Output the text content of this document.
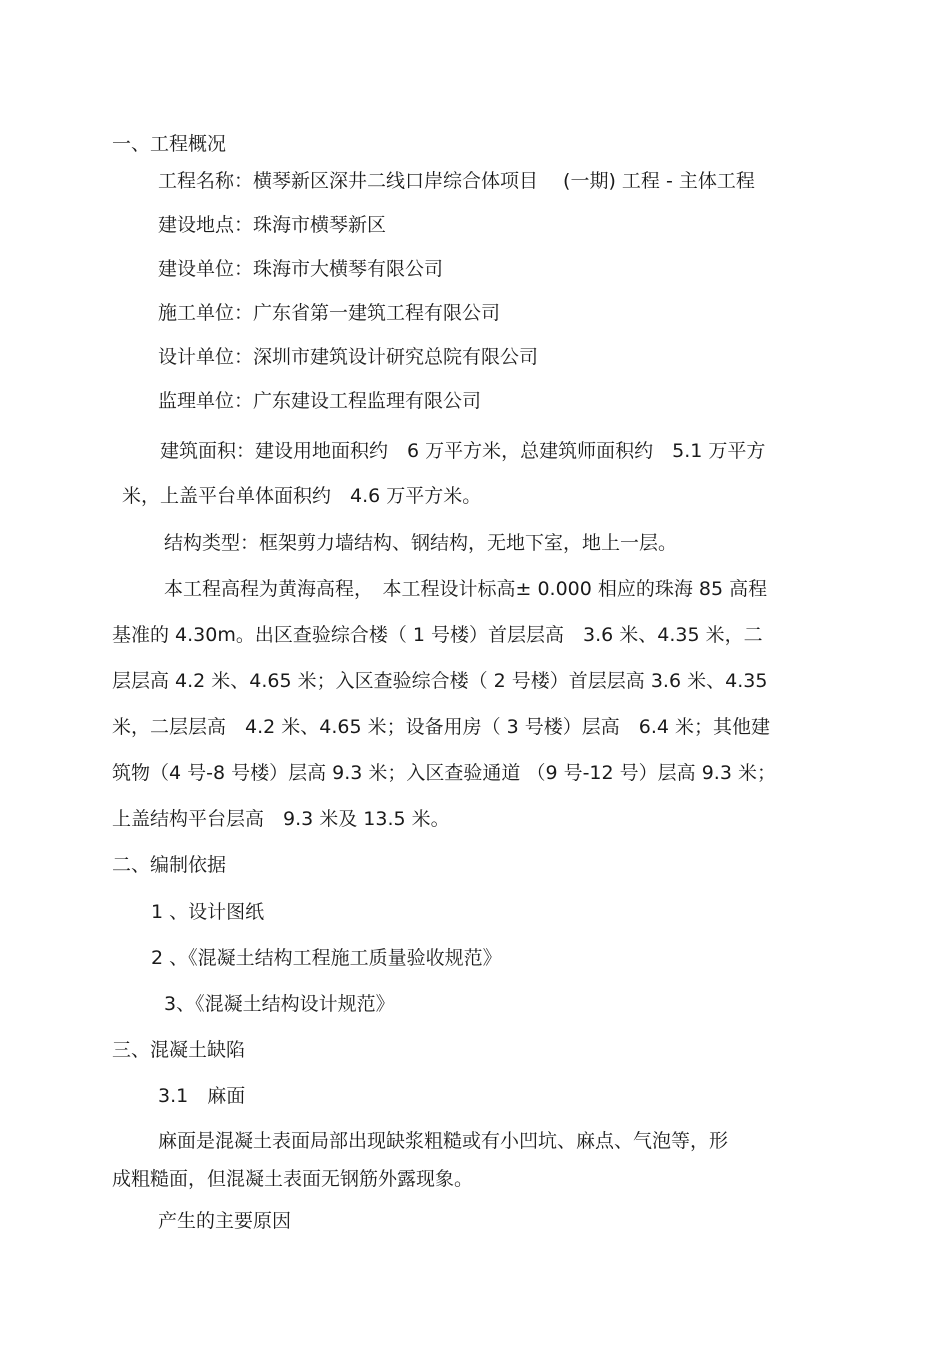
一、工程概况
工程名称：横琴新区深井二线口岸综合体项目　 (一期) 工程 - 主体工程
建设地点：珠海市横琴新区
建设单位：珠海市大横琴有限公司
施工单位：广东省第一建筑工程有限公司
设计单位：深圳市建筑设计研究总院有限公司
监理单位：广东建设工程监理有限公司
建筑面积：建设用地面积约　6 万平方米，总建筑师面积约　5.1 万平方
米，上盖平台单体面积约　4.6 万平方米。
结构类型：框架剪力墙结构、钢结构，无地下室，地上一层。
本工程高程为黄海高程，　本工程设计标高± 0.000 相应的珠海 85 高程
基准的 4.30m。出区查验综合楼（ 1 号楼）首层层高　3.6 米、4.35 米，二
层层高 4.2 米、4.65 米；入区查验综合楼（ 2 号楼）首层层高 3.6 米、4.35
米，二层层高　4.2 米、4.65 米；设备用房（ 3 号楼）层高　6.4 米；其他建
筑物（4 号-8 号楼）层高 9.3 米；入区查验通道 （9 号-12 号）层高 9.3 米；
上盖结构平台层高　9.3 米及 13.5 米。
二、编制依据
1 、设计图纸
2 、《混凝土结构工程施工质量验收规范》
3、《混凝土结构设计规范》
三、混凝土缺陷
3.1　麻面
麻面是混凝土表面局部出现缺浆粗糙或有小凹坑、麻点、气泡等，形
成粗糙面，但混凝土表面无钢筋外露现象。
产生的主要原因
